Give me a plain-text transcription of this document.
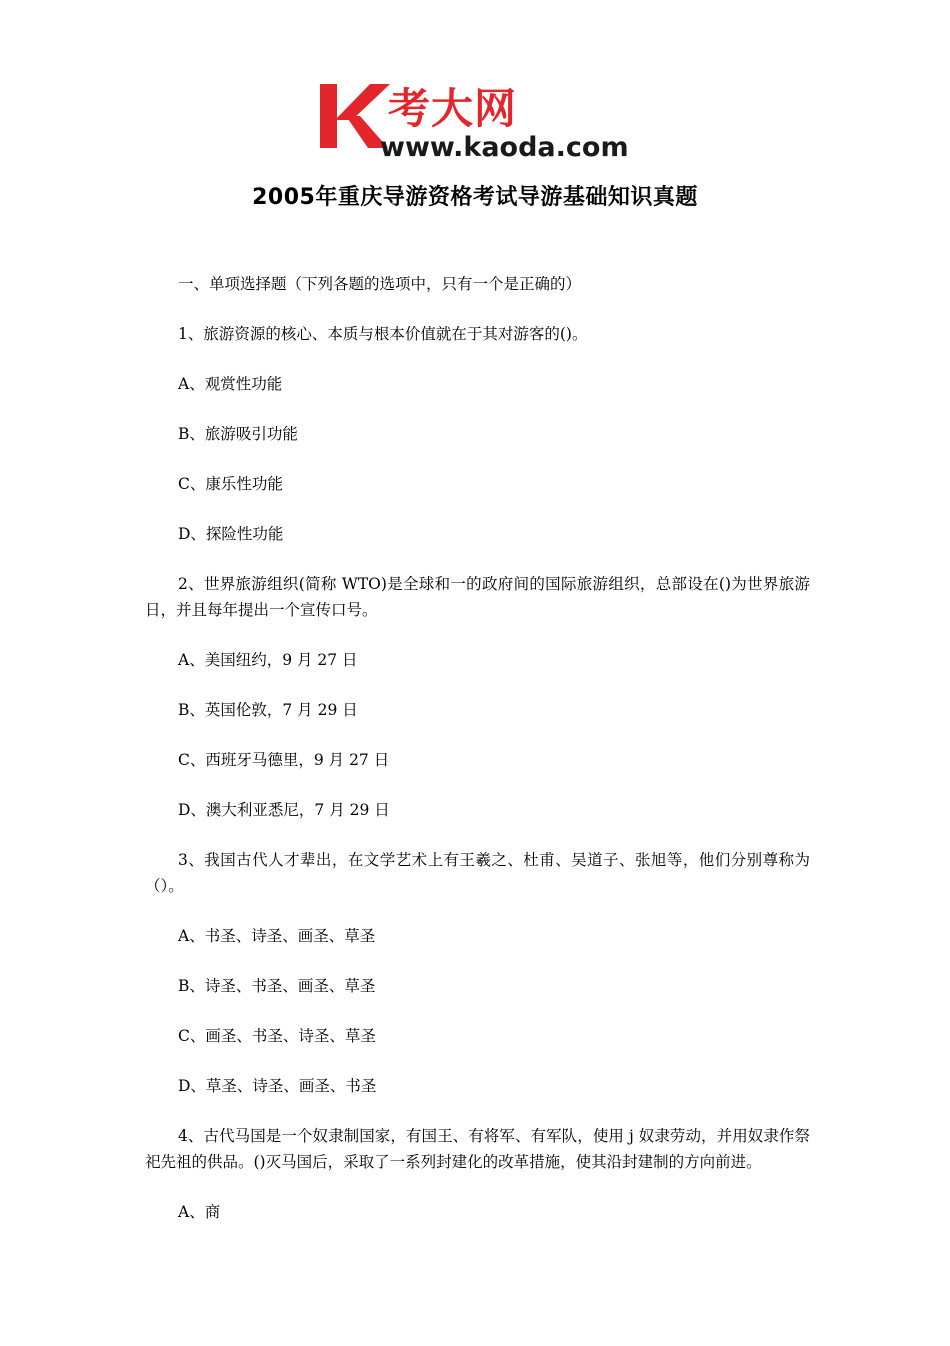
考大网
www.kaoda.com
2005年重庆导游资格考试导游基础知识真题

一、单项选择题（下列各题的选项中，只有一个是正确的）

1、旅游资源的核心、本质与根本价值就在于其对游客的()。

A、观赏性功能

B、旅游吸引功能

C、康乐性功能

D、探险性功能

2、世界旅游组织(简称 WTO)是全球和一的政府间的国际旅游组织，总部设在()为世界旅游日，并且每年提出一个宣传口号。

A、美国纽约，9 月 27 日

B、英国伦敦，7 月 29 日

C、西班牙马德里，9 月 27 日

D、澳大利亚悉尼，7 月 29 日

3、我国古代人才辈出，在文学艺术上有王羲之、杜甫、吴道子、张旭等，他们分别尊称为（）。

A、书圣、诗圣、画圣、草圣

B、诗圣、书圣、画圣、草圣

C、画圣、书圣、诗圣、草圣

D、草圣、诗圣、画圣、书圣

4、古代马国是一个奴隶制国家，有国王、有将军、有军队，使用 j 奴隶劳动，并用奴隶作祭祀先祖的供品。()灭马国后，采取了一系列封建化的改革措施，使其沿封建制的方向前进。

A、商
